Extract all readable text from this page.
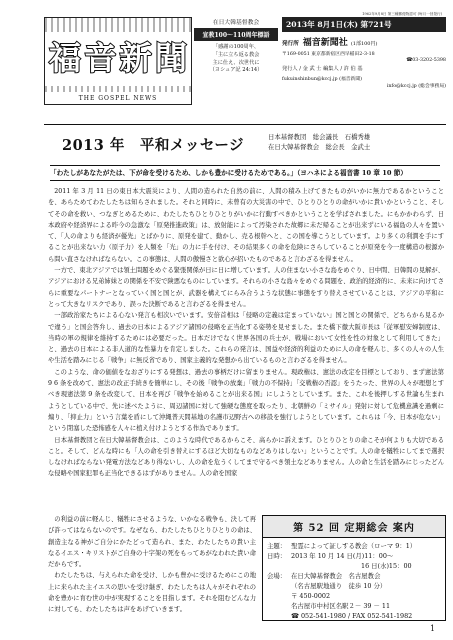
1962年9月8日 第三種郵便物認可 (毎月一回発行)
福 音 新 聞
THE GOSPEL NEWS
在日大韓基督教会
宣教100〜110周年標語
「感謝の100周年、
「主に立ち返る教会
主に仕え、次世代に
（ヨシュア記 24:14）
2013年 8月1日(木) 第721号
発行所 福音新聞社 (1部100円)
〒169-0051 東京都新宿区西早稲田2-3-18
☎03-3202-5398
発行人 / 金 武 士 編集人 / 許 伯 基
fukuinshinbun@kccj.jp (福音新聞)
info@kccj.jp (総会事務局)
2013 年　平和メッセージ	日本基督教団　総会議長　石橋秀雄
在日大韓基督教会　総会長　金武士
「わたしがあなたがたは、下が命を受けるため、しかも豊かに受けるためである。」（ヨハネによる福音書 10 章 10 節）

2011 年 3 月 11 日の東日本大震災により、人間の造られた自然の前に、人間の積み上げてきたものがいかに無力であるかということを、あらためてわたしたちは知らされました。それと同時に、未曾有の大災害の中で、ひとりひとりの命がいかに貴いかということ、そしてその命を救い、つなぎとめるために、わたしたちひとりひとりがいかに行動すべきかということを学ばされました。にもかかわらず、日本政府や経済界による昨今の急激な「原発推進政策」は、放射能によって汚染された故郷に未だ帰ることが出来ずにいる福島の人々を置いて、「人の命よりも経済が優先」とばかりに、原発を建て、動かし、売る根幹へと、この国を導こうとしています。より多くの利潤を手にすることが出来ない力（原子力）を人類を「光」の力に手を付け、その結果多くの命を危険にさらしていることが原発を今一度構造の根源から問い直さなければならない。この事態は、人間の傲慢さと欲心が招いたものであると言わざるを得ません。

一方で、東北アジアでは領土問題をめぐる緊張関係が日に日に増しています。人の住まない小さな島をめぐり、日中間、日韓間の見解が、アジアにおける兄弟姉妹との関係を不安で険悪なものにしています。それらの小さな島々をめぐる問題を、政治的経済的に、未来に向けてさらに重要なパートナーとなっていく国と国とが、武器を構えてにらみ合うような状態に事態をすり替えさせていることは、アジアの平和にとって大きなリスクであり、誤った決断であると言わざるを得ません。

一部政治家たちによる心ない発言も相次いでいます。安倍首相は「侵略の定義は定まっていない」国と国との関係で、どちらから見るかで違う」と国会答弁し、過去の日本によるアジア諸国の侵略を正当化する姿勢を見せました。また橋下徹大阪市長は「従軍慰安婦制度は、当時の軍の規律を維持するためには必要だった。日本だけでなく世界各国の兵士が、戦場において女性を性の対象として利用してきた」と、過去の日本による非人道的な性暴力を肯定しました。これらの発言は、国益や経済的利益のために人の命を軽んじ、多くの人々の人生や生活を踏みにじる「戦争」に無反省であり、国家主義的な発想から出ているものと言わざるを得ません。

このような、命の価値をなおざりにする発想は、過去の事柄だけに留まりません。現政権は、憲法の改定を目標としており、まず憲法第 9 6 条を改めて、憲法の改正手続きを簡単にし、その後「戦争の放棄」「戦力の不保持」「交戦権の否認」をうたった、世界の人々が理想とすべき現憲法第 9 条を改変して、日本を再び「戦争を始めることが出来る国」にしようとしています。また、これを後押しする世論も生まれようとしている中で、先に述べたように、周辺諸国に対して強硬な態度を取ったり、北朝鮮の「ミサイル」発射に対して危機意識を過剰に煽り、「抑止力」という言葉を盾にして沖縄普天間基地の名護市辺野古への移設を強行しようとしています。これらは「今、日本が危ない」という閉塞した恐怖感を人々に植え付けようとする作為であります。

日本基督教団と在日大韓基督教会は、このような時代であるからこそ、高らかに訴えます。ひとりひとりの命こそが何よりも大切であること。そして、どんな時にも「人の命を引き替えにするほど大切なものなどありはしない」ということです。人の命を犠牲にしてまで選択しなければならない発電方法などあり得ないし、人の命を危うくしてまで守るべき領土などありません。人の命と生活を踏みにじったどんな侵略や国家犯罪も正当化できるはずがありません。人の命を国家

の利益の前に軽んじ、犠牲にさせるような、いかなる戦争も、決して再び許ってはならないのです。なぜなら、わたしたちひとりひとりの命は、創造主なる神がご自分にかたどって造られ、また、わたしたちの貴い主なるイエス・キリストがご自身の十字架の死をもってあがなわれた貴い命だからです。

わたしたちは、与えられた命を受け、しかも豊かに受けるためにこの地上に来られた主イエスの思いを受け継ぎ、わたしたちは人々がそれぞれの命を豊かに育む世の中が実現することを目指します。それを阻むどんな力に対しても、わたしたちは声をあげていきます。

第 52 回 定期総会 案内
主題： 聖霊によって証しする教会（ローマ 9：1）
日時： 2013 年 10 月 14 日(月)11：00〜
16 日(水)15：00
会場： 在日大韓基督教会　名古屋教会
（名古屋駅地通り　徒歩 10 分）
〒 450-0002
名古屋市中村区名駅２－ 39 － 11
☎ 052-541-1980 / FAX 052-541-1982
1
